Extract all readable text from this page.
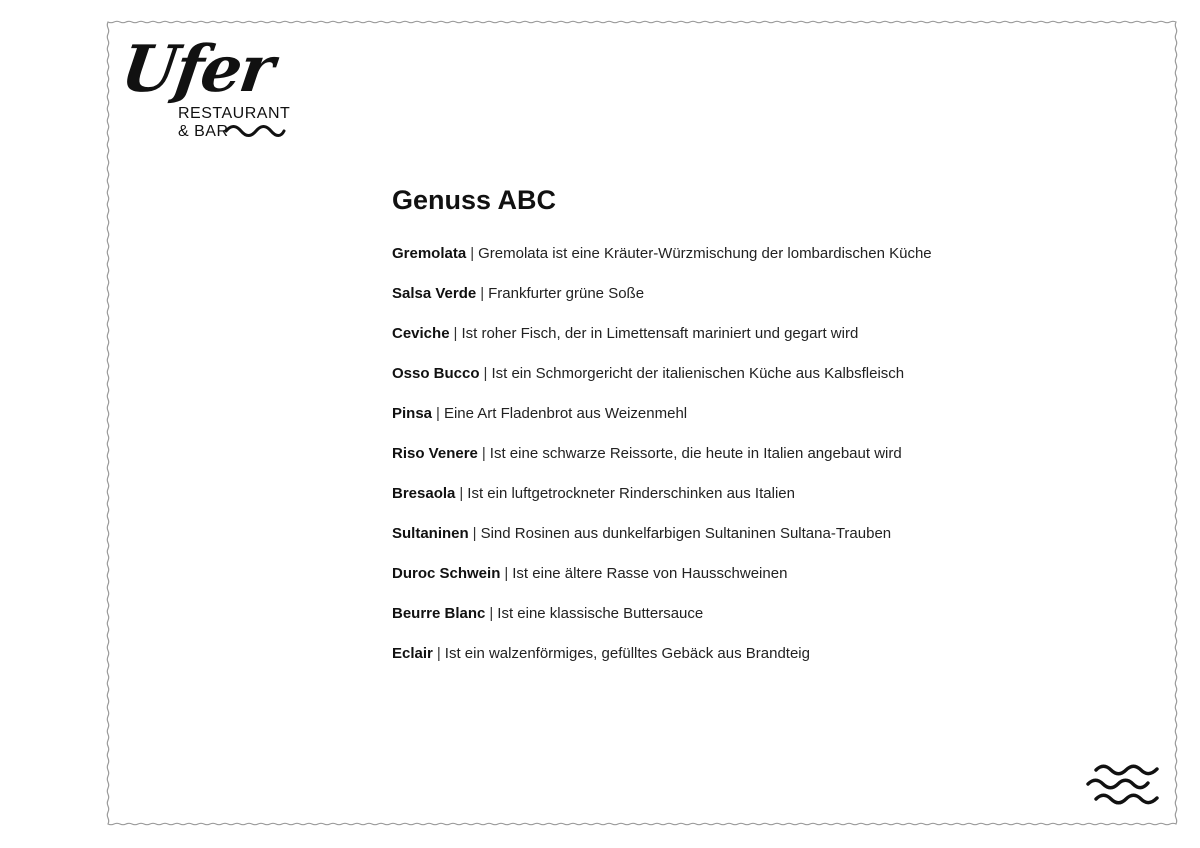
Ufer
RESTAURANT
& BAR
Genuss ABC
Gremolata | Gremolata ist eine Kräuter-Würzmischung der lombardischen Küche
Salsa Verde | Frankfurter grüne Soße
Ceviche | Ist roher Fisch, der in Limettensaft mariniert und gegart wird
Osso Bucco | Ist ein Schmorgericht der italienischen Küche aus Kalbsfleisch
Pinsa | Eine Art Fladenbrot aus Weizenmehl
Riso Venere | Ist eine schwarze Reissorte, die heute in Italien angebaut wird
Bresaola | Ist ein luftgetrockneter Rinderschinken aus Italien
Sultaninen | Sind Rosinen aus dunkelfarbigen Sultaninen Sultana-Trauben
Duroc Schwein | Ist eine ältere Rasse von Hausschweinen
Beurre Blanc | Ist eine klassische Buttersauce
Eclair | Ist ein walzenförmiges, gefülltes Gebäck aus Brandteig
